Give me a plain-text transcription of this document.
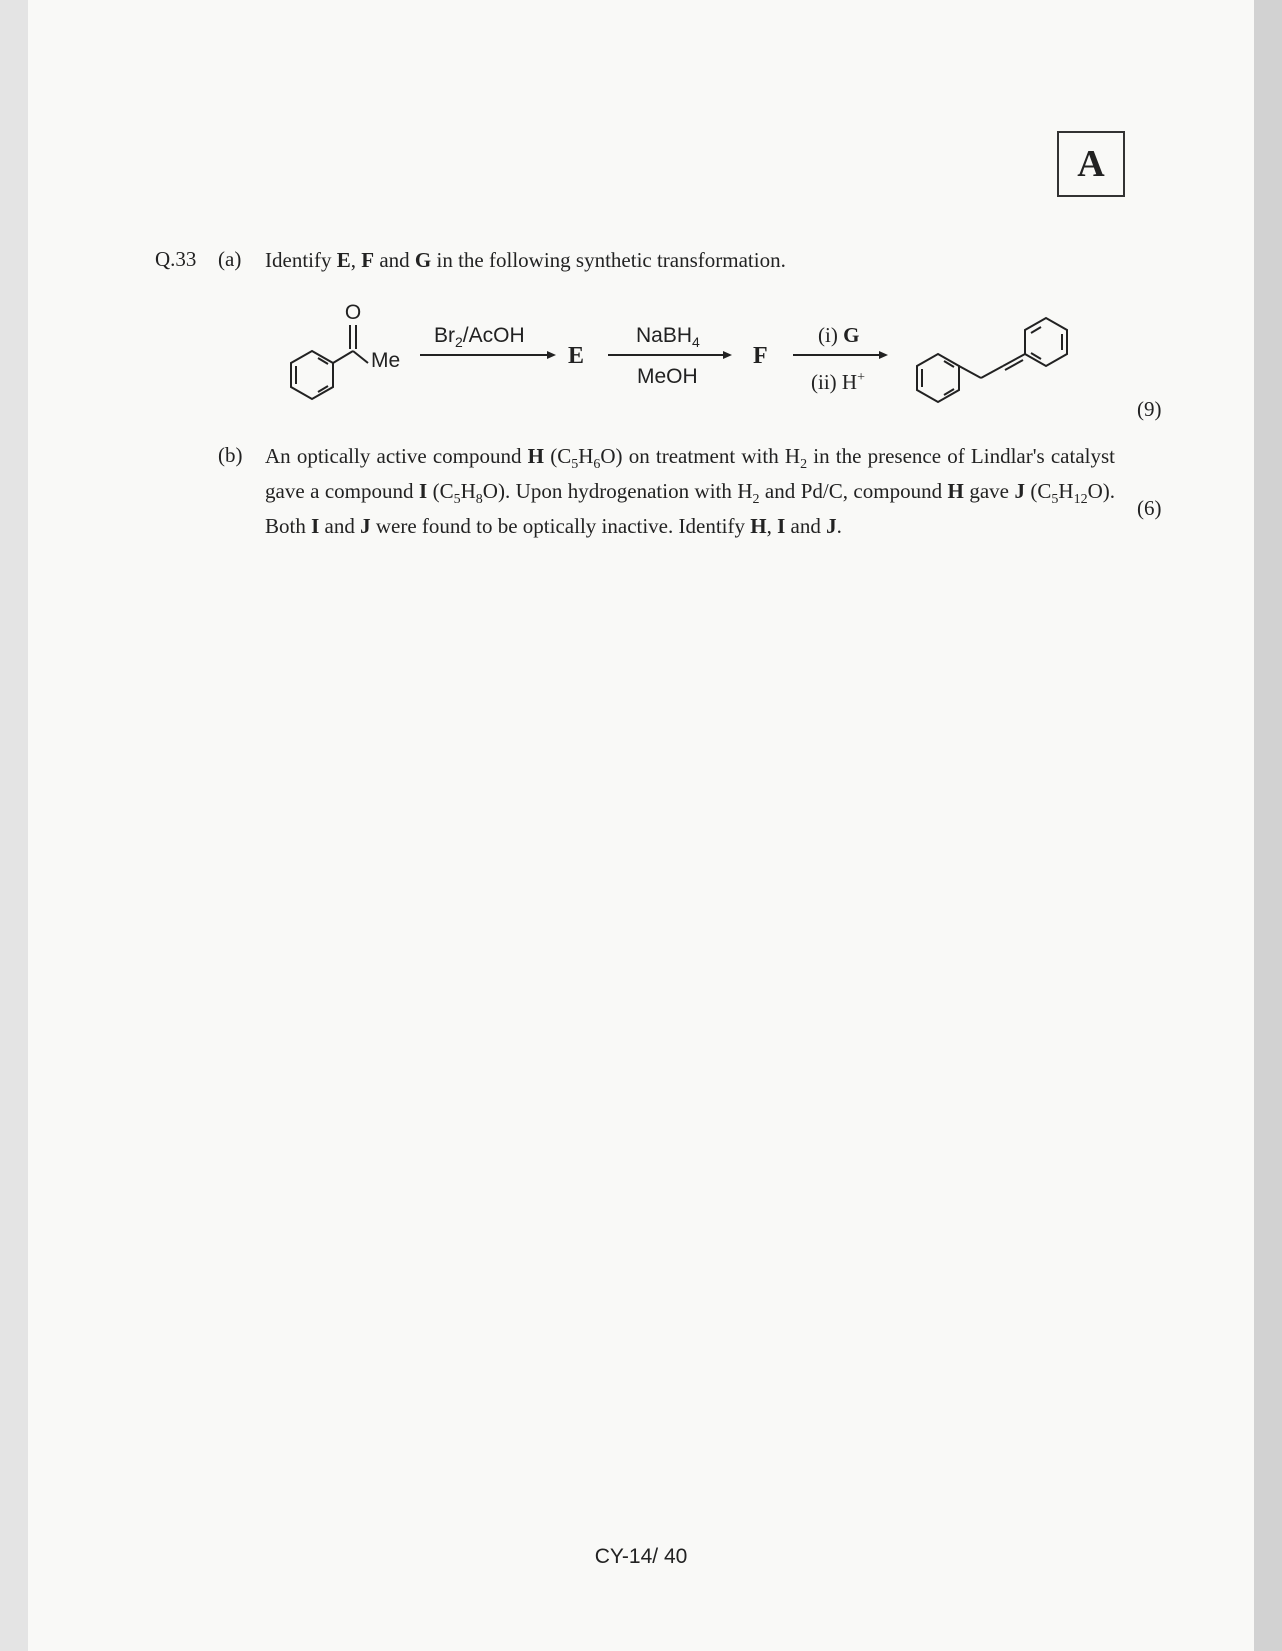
A
Q.33 (a) Identify E, F and G in the following synthetic transformation.
O
Me
$Br_2$/AcOH
E
NaBH$_4$
MeOH
F
(i) G
(ii) H+
(9)
(b) An optically active compound H $(C_5H_6O)$ on treatment with $H_2$ in the presence of Lindlar's catalyst gave a compound I $(C_5H_8O)$. Upon hydrogenation with $H_2$ and Pd/C, compound H gave J $(C_5H_{12}O)$. Both I and J were found to be optically inactive. Identify H, I and J.

(6)
CY-14/ 40
